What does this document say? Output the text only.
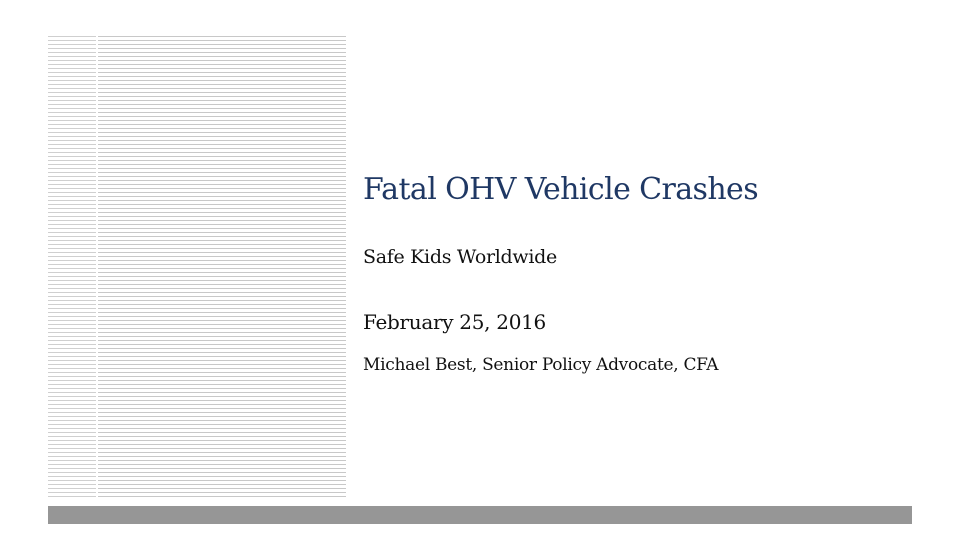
Fatal OHV Vehicle Crashes

Safe Kids Worldwide

February 25, 2016

Michael Best, Senior Policy Advocate, CFA
